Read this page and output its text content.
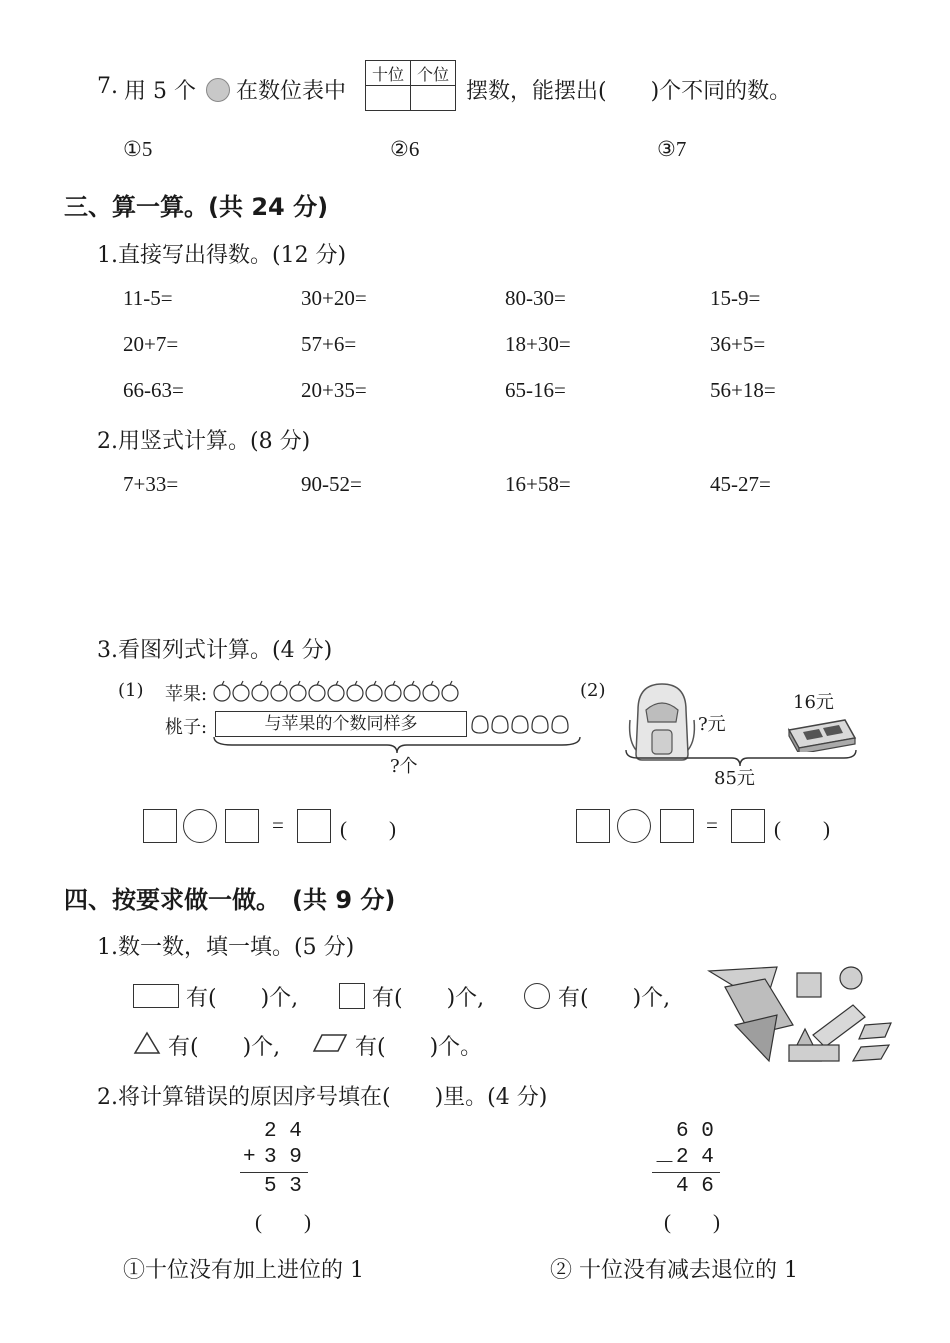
7. 用 5 个 在数位表中
十位	个位

摆数，能摆出(　　)个不同的数。
①5	②6	③7
三、算一算。(共 24 分)
1.直接写出得数。(12 分)
11-5=	30+20=	80-30=	15-9=
20+7=	57+6=	18+30=	36+5=
66-63=	20+35=	65-16=	56+18=
2.用竖式计算。(8 分)
7+33=	90-52=	16+58=	45-27=
3.看图列式计算。(4 分)
(1) 苹果:
桃子:	与苹果的个数同样多
?个
(2)
?元
16元
85元
=	(　　)	=	(　　)
四、按要求做一做。　(共 9 分)
1.数一数，填一填。(5 分)
有(　　)个,	有(　　)个,	有(　　)个,
有(　　)个,	有(　　)个。
2.将计算错误的原因序号填在(　　)里。(4 分)
2 4
+ 3 9
5 3
(　　)
6 0
－ 2 4
4 6
(　　)
①十位没有加上进位的 1	② 十位没有减去退位的 1
